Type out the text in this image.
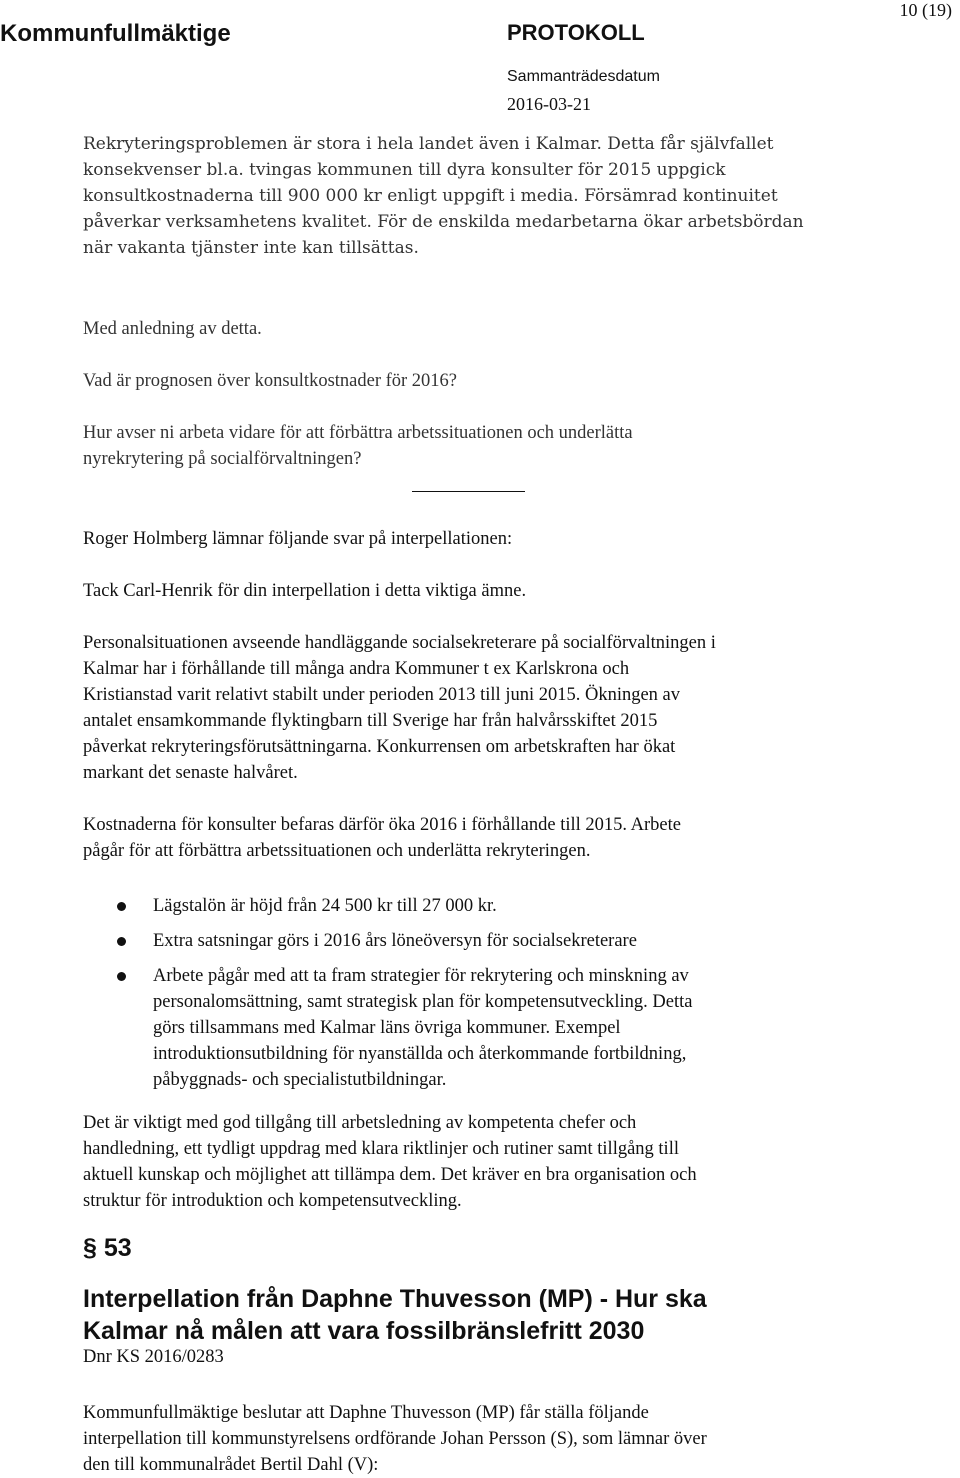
Kommunfullmäktige	PROTOKOLL
Sammanträdesdatum
2016-03-21
10 (19)
Rekryteringsproblemen är stora i hela landet även i Kalmar. Detta får självfallet
konsekvenser bl.a. tvingas kommunen till dyra konsulter för 2015 uppgick
konsultkostnaderna till 900 000 kr enligt uppgift i media. Försämrad kontinuitet
påverkar verksamhetens kvalitet. För de enskilda medarbetarna ökar arbetsbördan
när vakanta tjänster inte kan tillsättas.
Med anledning av detta.
Vad är prognosen över konsultkostnader för 2016?
Hur avser ni arbeta vidare för att förbättra arbetssituationen och underlätta
nyrekrytering på socialförvaltningen?
Roger Holmberg lämnar följande svar på interpellationen:
Tack Carl-Henrik för din interpellation i detta viktiga ämne.
Personalsituationen avseende handläggande socialsekreterare på socialförvaltningen i
Kalmar har i förhållande till många andra Kommuner t ex Karlskrona och
Kristianstad varit relativt stabilt under perioden 2013 till juni 2015. Ökningen av
antalet ensamkommande flyktingbarn till Sverige har från halvårsskiftet 2015
påverkat rekryteringsförutsättningarna. Konkurrensen om arbetskraften har ökat
markant det senaste halvåret.
Kostnaderna för konsulter befaras därför öka 2016 i förhållande till 2015. Arbete
pågår för att förbättra arbetssituationen och underlätta rekryteringen.
Lägstalön är höjd från 24 500 kr till 27 000 kr.
Extra satsningar görs i 2016 års löneöversyn för socialsekreterare
Arbete pågår med att ta fram strategier för rekrytering och minskning av
personalomsättning, samt strategisk plan för kompetensutveckling. Detta
görs tillsammans med Kalmar läns övriga kommuner. Exempel
introduktionsutbildning för nyanställda och återkommande fortbildning,
påbyggnads- och specialistutbildningar.
Det är viktigt med god tillgång till arbetsledning av kompetenta chefer och
handledning, ett tydligt uppdrag med klara riktlinjer och rutiner samt tillgång till
aktuell kunskap och möjlighet att tillämpa dem. Det kräver en bra organisation och
struktur för introduktion och kompetensutveckling.
§ 53
Interpellation från Daphne Thuvesson (MP) - Hur ska
Kalmar nå målen att vara fossilbränslefritt 2030
Dnr KS 2016/0283
Kommunfullmäktige beslutar att Daphne Thuvesson (MP) får ställa följande
interpellation till kommunstyrelsens ordförande Johan Persson (S), som lämnar över
den till kommunalrådet Bertil Dahl (V):
